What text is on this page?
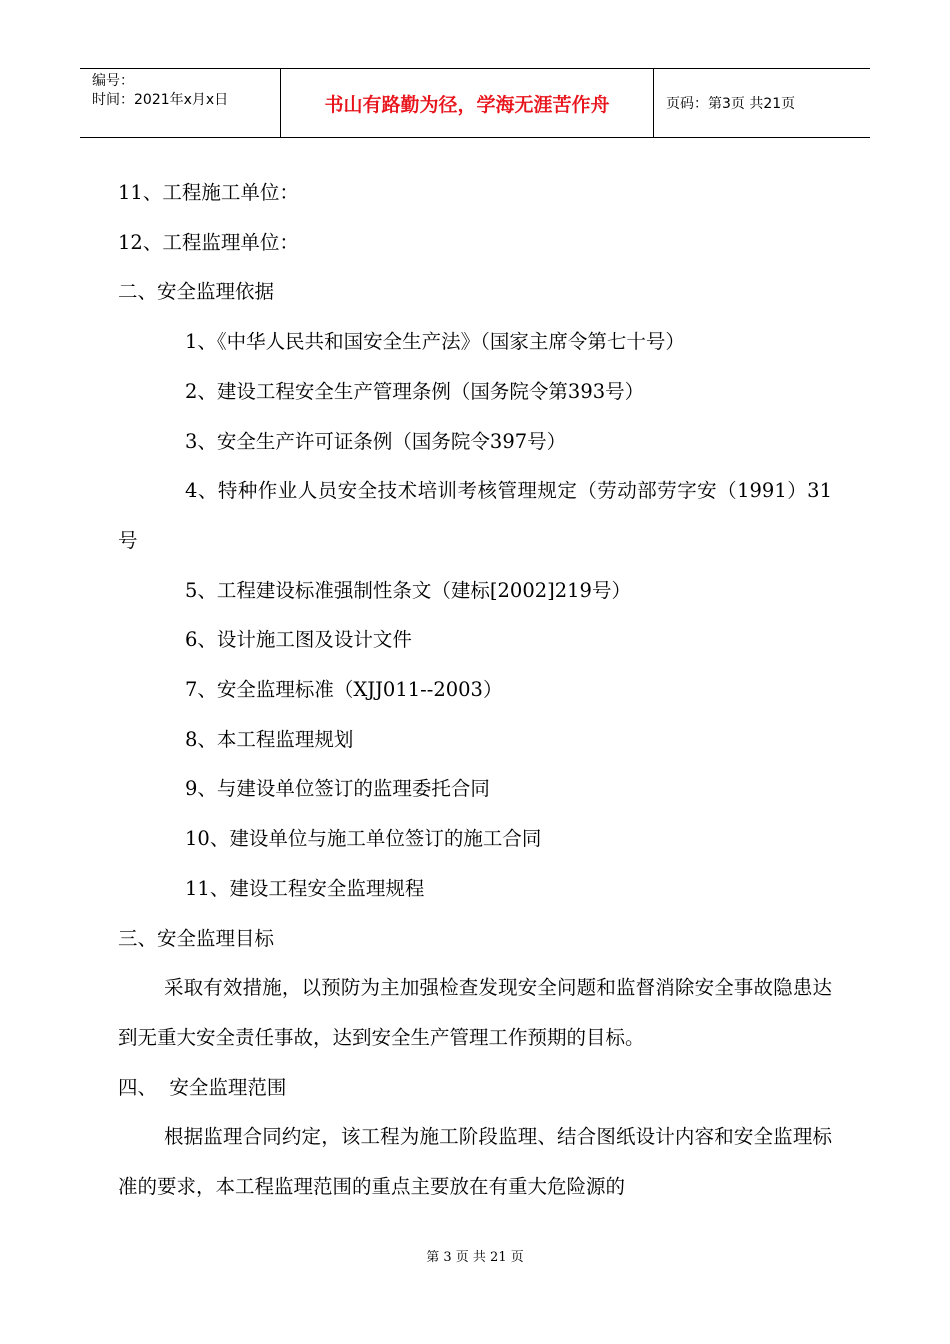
编号：
时间：2021年x月x日	书山有路勤为径，学海无涯苦作舟	页码：第3页 共21页

11、工程施工单位：

12、工程监理单位：

二、安全监理依据

1、《中华人民共和国安全生产法》（国家主席令第七十号）

2、建设工程安全生产管理条例（国务院令第393号）

3、安全生产许可证条例（国务院令397号）

4、特种作业人员安全技术培训考核管理规定（劳动部劳字安（1991）31号

5、工程建设标准强制性条文（建标[2002]219号）

6、设计施工图及设计文件

7、安全监理标准（XJJ011--2003）

8、本工程监理规划

9、与建设单位签订的监理委托合同

10、建设单位与施工单位签订的施工合同

11、建设工程安全监理规程

三、安全监理目标

采取有效措施，以预防为主加强检查发现安全问题和监督消除安全事故隐患达到无重大安全责任事故，达到安全生产管理工作预期的目标。

四、  安全监理范围

根据监理合同约定，该工程为施工阶段监理、结合图纸设计内容和安全监理标准的要求，本工程监理范围的重点主要放在有重大危险源的

第 3 页 共 21 页
